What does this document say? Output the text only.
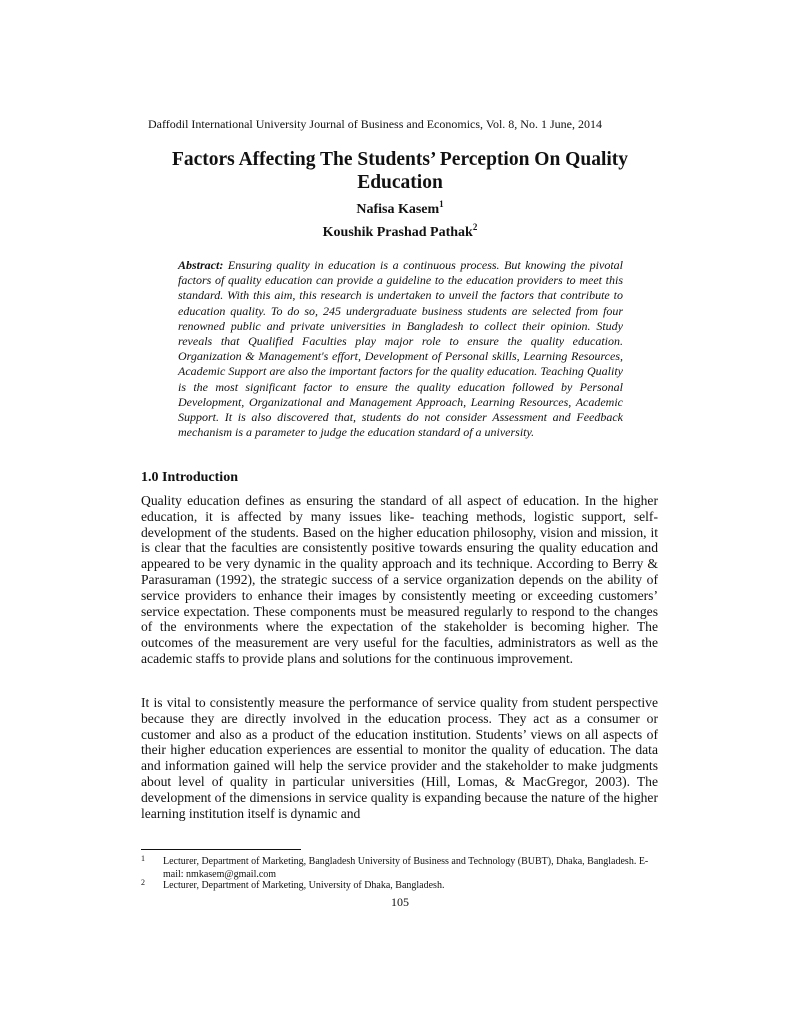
Daffodil International University Journal of Business and Economics, Vol. 8, No. 1 June, 2014
Factors Affecting The Students’ Perception On Quality Education
Nafisa Kasem$^1$
Koushik Prashad Pathak$^2$

Abstract: Ensuring quality in education is a continuous process. But knowing the pivotal factors of quality education can provide a guideline to the education providers to meet this standard. With this aim, this research is undertaken to unveil the factors that contribute to education quality. To do so, 245 undergraduate business students are selected from four renowned public and private universities in Bangladesh to collect their opinion. Study reveals that Qualified Faculties play major role to ensure the quality education. Organization & Management's effort, Development of Personal skills, Learning Resources, Academic Support are also the important factors for the quality education. Teaching Quality is the most significant factor to ensure the quality education followed by Personal Development, Organizational and Management Approach, Learning Resources, Academic Support. It is also discovered that, students do not consider Assessment and Feedback mechanism is a parameter to judge the education standard of a university.

1.0 Introduction

Quality education defines as ensuring the standard of all aspect of education. In the higher education, it is affected by many issues like- teaching methods, logistic support, self-development of the students. Based on the higher education philosophy, vision and mission, it is clear that the faculties are consistently positive towards ensuring the quality education and appeared to be very dynamic in the quality approach and its technique. According to Berry & Parasuraman (1992), the strategic success of a service organization depends on the ability of service providers to enhance their images by consistently meeting or exceeding customers’ service expectation. These components must be measured regularly to respond to the changes of the environments where the expectation of the stakeholder is becoming higher. The outcomes of the measurement are very useful for the faculties, administrators as well as the academic staffs to provide plans and solutions for the continuous improvement.

It is vital to consistently measure the performance of service quality from student perspective because they are directly involved in the education process. They act as a consumer or customer and also as a product of the education institution. Students’ views on all aspects of their higher education experiences are essential to monitor the quality of education. The data and information gained will help the service provider and the stakeholder to make judgments about level of quality in particular universities (Hill, Lomas, & MacGregor, 2003). The development of the dimensions in service quality is expanding because the nature of the higher learning institution itself is dynamic and

1 Lecturer, Department of Marketing, Bangladesh University of Business and Technology (BUBT), Dhaka, Bangladesh. E-mail: nmkasem@gmail.com
2 Lecturer, Department of Marketing, University of Dhaka, Bangladesh.
105
